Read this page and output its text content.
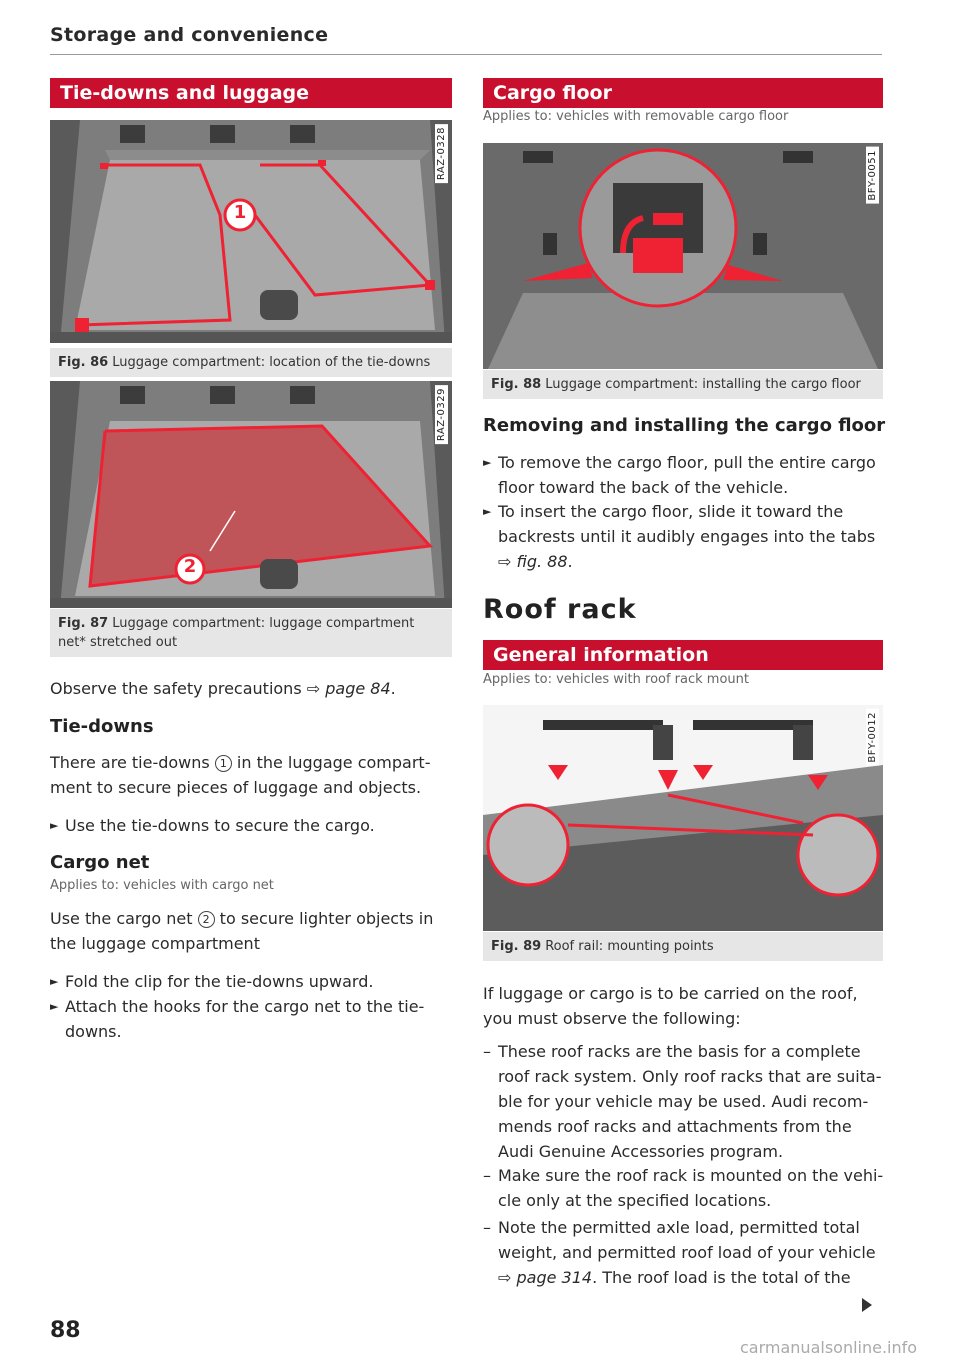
Storage and convenience
Tie-downs and luggage
1
RAZ-0328
Fig. 86 Luggage compartment: location of the tie-downs
2
RAZ-0329
Fig. 87 Luggage compartment: luggage compartment net* stretched out
Observe the safety precautions ⇨ page 84.
Tie-downs
There are tie-downs 1 in the luggage compart-ment to secure pieces of luggage and objects.
► Use the tie-downs to secure the cargo.
Cargo net
Applies to: vehicles with cargo net
Use the cargo net 2 to secure lighter objects in the luggage compartment
► Fold the clip for the tie-downs upward.
► Attach the hooks for the cargo net to the tie-downs.
Cargo floor
Applies to: vehicles with removable cargo floor
BFY-0051
Fig. 88 Luggage compartment: installing the cargo floor
Removing and installing the cargo floor
► To remove the cargo floor, pull the entire cargo floor toward the back of the vehicle.
► To insert the cargo floor, slide it toward the backrests until it audibly engages into the tabs ⇨ fig. 88.
Roof rack
General information
Applies to: vehicles with roof rack mount
BFY-0012
Fig. 89 Roof rail: mounting points
If luggage or cargo is to be carried on the roof, you must observe the following:
– These roof racks are the basis for a complete roof rack system. Only roof racks that are suita-ble for your vehicle may be used. Audi recom-mends roof racks and attachments from the Audi Genuine Accessories program.
– Make sure the roof rack is mounted on the vehi-cle only at the specified locations.
– Note the permitted axle load, permitted total weight, and permitted roof load of your vehicle ⇨ page 314. The roof load is the total of the
88
carmanualsonline.info
